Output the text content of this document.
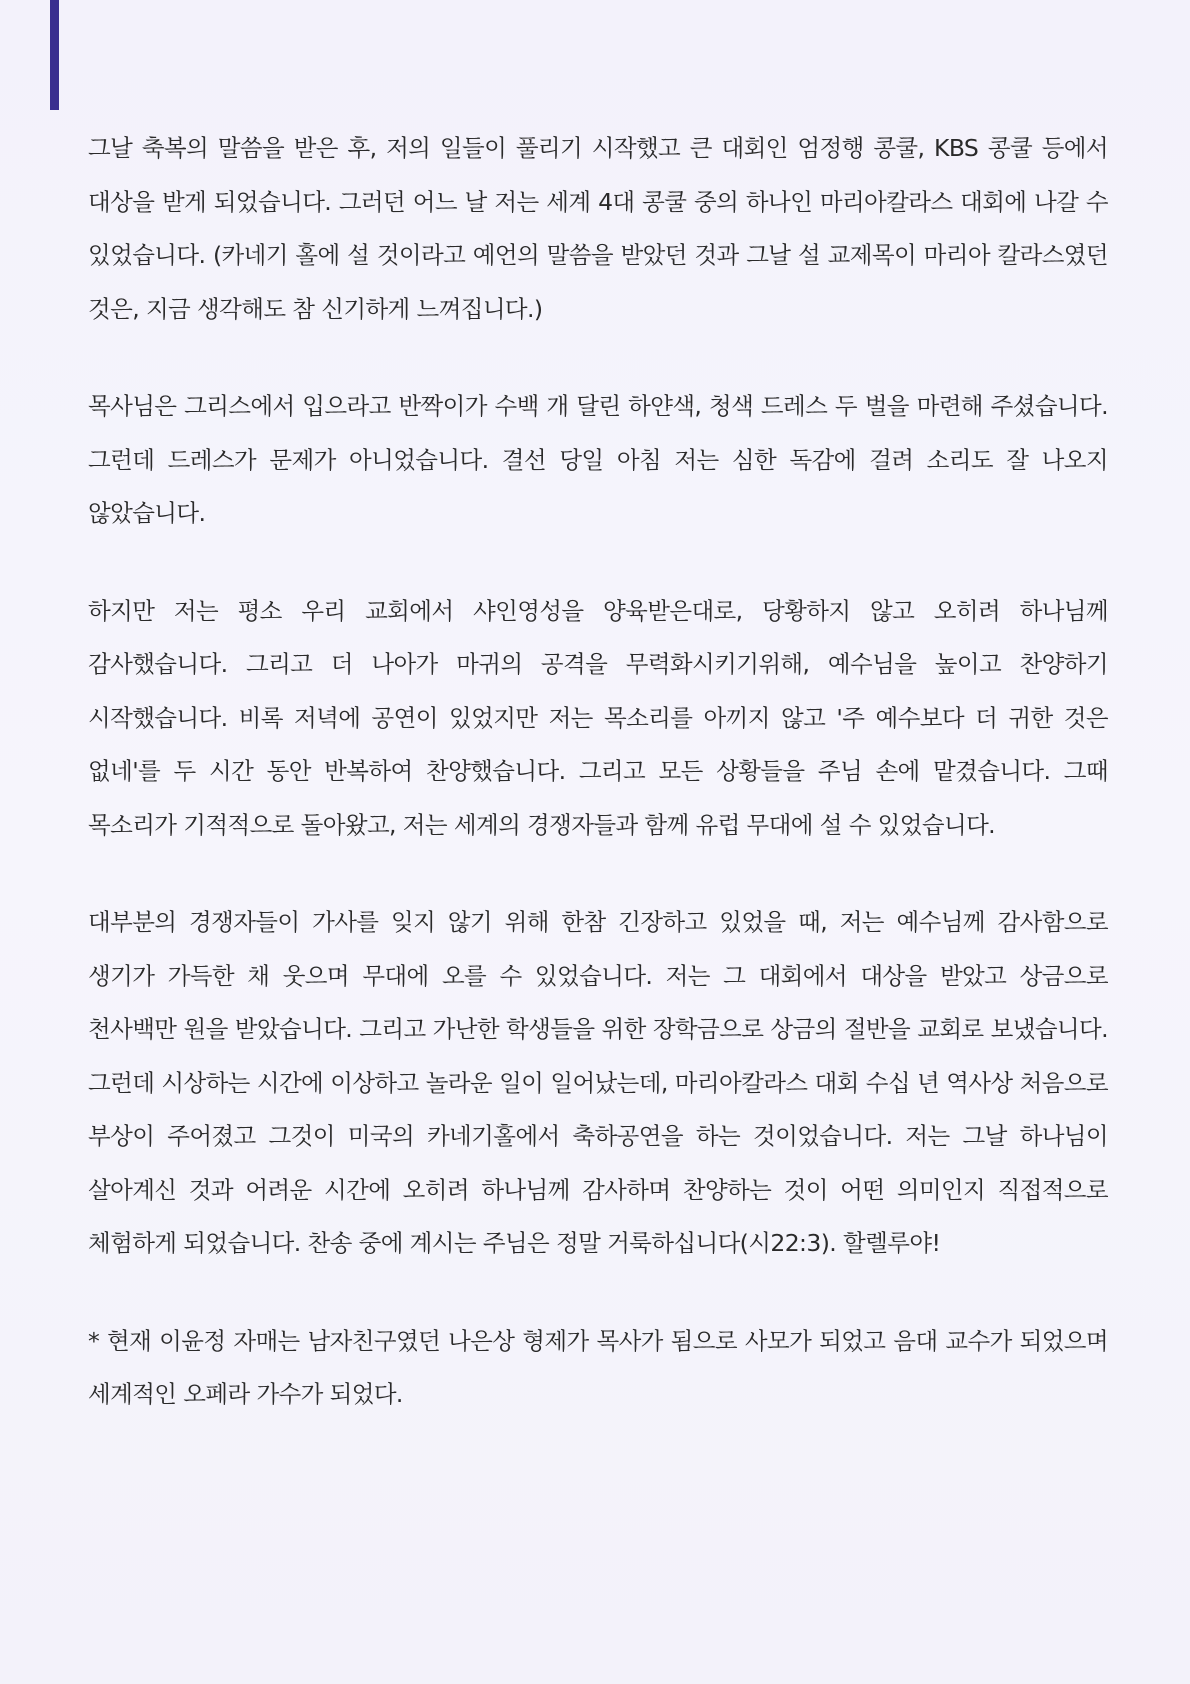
그날 축복의 말씀을 받은 후, 저의 일들이 풀리기 시작했고 큰 대회인 엄정행 콩쿨, KBS 콩쿨 등에서 대상을 받게 되었습니다. 그러던 어느 날 저는 세계 4대 콩쿨 중의 하나인 마리아칼라스 대회에 나갈 수 있었습니다. (카네기 홀에 설 것이라고 예언의 말씀을 받았던 것과 그날 설 교제목이 마리아 칼라스였던 것은, 지금 생각해도 참 신기하게 느껴집니다.)

목사님은 그리스에서 입으라고 반짝이가 수백 개 달린 하얀색, 청색 드레스 두 벌을 마련해 주셨습니다. 그런데 드레스가 문제가 아니었습니다. 결선 당일 아침 저는 심한 독감에 걸려 소리도 잘 나오지 않았습니다.

하지만 저는 평소 우리 교회에서 샤인영성을 양육받은대로, 당황하지 않고 오히려 하나님께 감사했습니다. 그리고 더 나아가 마귀의 공격을 무력화시키기위해, 예수님을 높이고 찬양하기 시작했습니다. 비록 저녁에 공연이 있었지만 저는 목소리를 아끼지 않고 '주 예수보다 더 귀한 것은 없네'를 두 시간 동안 반복하여 찬양했습니다. 그리고 모든 상황들을 주님 손에 맡겼습니다. 그때 목소리가 기적적으로 돌아왔고, 저는 세계의 경쟁자들과 함께 유럽 무대에 설 수 있었습니다.

대부분의 경쟁자들이 가사를 잊지 않기 위해 한참 긴장하고 있었을 때, 저는 예수님께 감사함으로 생기가 가득한 채 웃으며 무대에 오를 수 있었습니다. 저는 그 대회에서 대상을 받았고 상금으로 천사백만 원을 받았습니다. 그리고 가난한 학생들을 위한 장학금으로 상금의 절반을 교회로 보냈습니다. 그런데 시상하는 시간에 이상하고 놀라운 일이 일어났는데, 마리아칼라스 대회 수십 년 역사상 처음으로 부상이 주어졌고 그것이 미국의 카네기홀에서 축하공연을 하는 것이었습니다. 저는 그날 하나님이 살아계신 것과 어려운 시간에 오히려 하나님께 감사하며 찬양하는 것이 어떤 의미인지 직접적으로 체험하게 되었습니다. 찬송 중에 계시는 주님은 정말 거룩하십니다(시22:3). 할렐루야!

* 현재 이윤정 자매는 남자친구였던 나은상 형제가 목사가 됨으로 사모가 되었고 음대 교수가 되었으며 세계적인 오페라 가수가 되었다.
